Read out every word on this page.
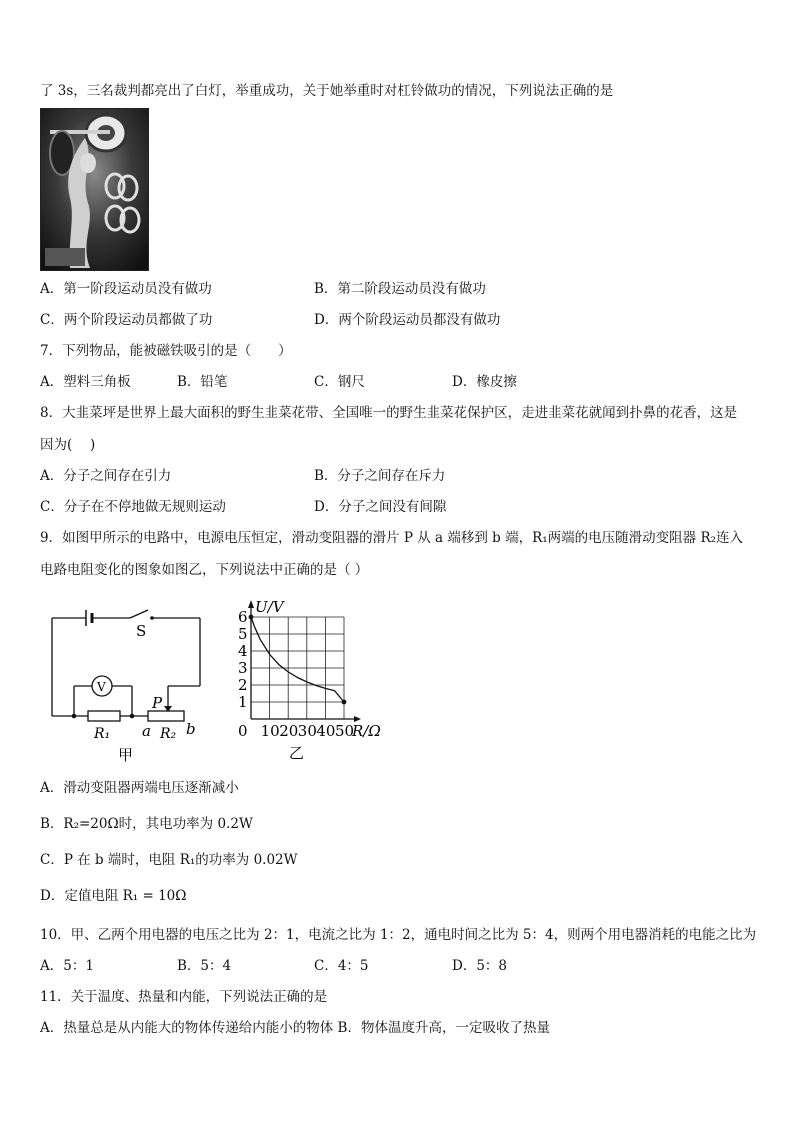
了 3s，三名裁判都亮出了白灯，举重成功，关于她举重时对杠铃做功的情况，下列说法正确的是
A．第一阶段运动员没有做功	B．第二阶段运动员没有做功
C．两个阶段运动员都做了功	D．两个阶段运动员都没有做功
7．下列物品，能被磁铁吸引的是（　　）
A．塑料三角板	B．铅笔	C．钢尺	D．橡皮擦
8．大韭菜坪是世界上最大面积的野生韭菜花带、全国唯一的野生韭菜花保护区，走进韭菜花就闻到扑鼻的花香，这是
因为(　 )
A．分子之间存在引力	B．分子之间存在斥力
C．分子在不停地做无规则运动	D．分子之间没有间隙
9．如图甲所示的电路中，电源电压恒定，滑动变阻器的滑片 P 从 a 端移到 b 端，R₁两端的电压随滑动变阻器 R₂连入
电路电阻变化的图象如图乙，下列说法中正确的是（ ）
S
V
P
R₁	R₂
a b
甲
1
2
3
4
5
6
0 10 20 30 40 50
U/V
R/Ω
乙
A．滑动变阻器两端电压逐渐减小
B．R₂=20Ω时，其电功率为 0.2W
C．P 在 b 端时，电阻 R₁的功率为 0.02W
D．定值电阻 R₁ = 10Ω
10．甲、乙两个用电器的电压之比为 2：1，电流之比为 1：2，通电时间之比为 5：4，则两个用电器消耗的电能之比为
A．5：1	B．5：4	C．4：5	D．5：8
11．关于温度、热量和内能，下列说法正确的是
A．热量总是从内能大的物体传递给内能小的物体 B．物体温度升高，一定吸收了热量
